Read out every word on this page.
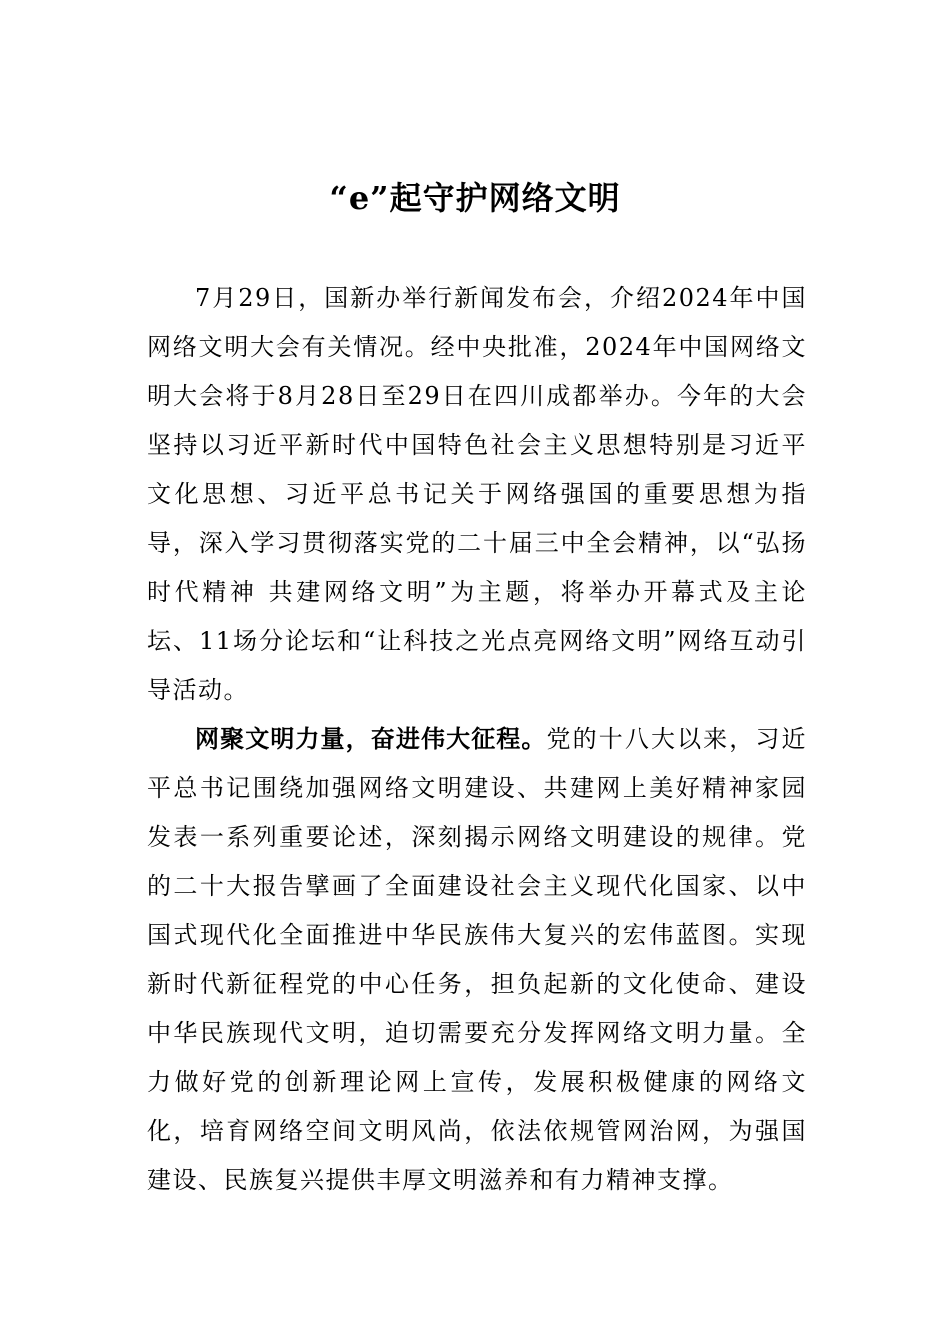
“e”起守护网络文明

7月29日，国新办举行新闻发布会，介绍2024年中国网络文明大会有关情况。经中央批准，2024年中国网络文明大会将于8月28日至29日在四川成都举办。今年的大会坚持以习近平新时代中国特色社会主义思想特别是习近平文化思想、习近平总书记关于网络强国的重要思想为指导，深入学习贯彻落实党的二十届三中全会精神，以“弘扬时代精神 共建网络文明”为主题，将举办开幕式及主论坛、11场分论坛和“让科技之光点亮网络文明”网络互动引导活动。

网聚文明力量，奋进伟大征程。党的十八大以来，习近平总书记围绕加强网络文明建设、共建网上美好精神家园发表一系列重要论述，深刻揭示网络文明建设的规律。党的二十大报告擘画了全面建设社会主义现代化国家、以中国式现代化全面推进中华民族伟大复兴的宏伟蓝图。实现新时代新征程党的中心任务，担负起新的文化使命、建设中华民族现代文明，迫切需要充分发挥网络文明力量。全力做好党的创新理论网上宣传，发展积极健康的网络文化，培育网络空间文明风尚，依法依规管网治网，为强国建设、民族复兴提供丰厚文明滋养和有力精神支撑。
